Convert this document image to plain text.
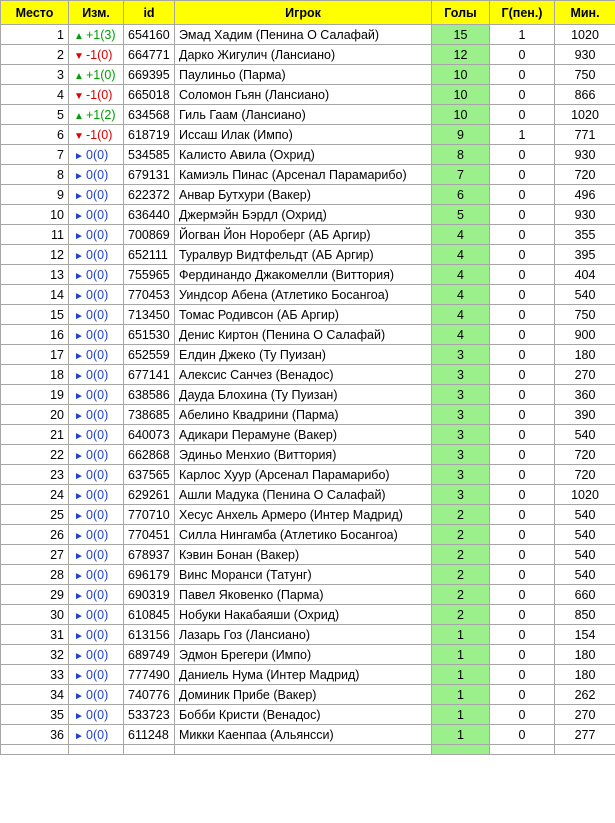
Место	Изм.	id	Игрок	Голы	Г(пен.)	Мин.
1	▲ +1(3)	654160	Эмад Хадим (Пенина О Салафай)	15	1	1020
2	▼ -1(0)	664771	Дарко Жигулич (Лансиано)	12	0	930
3	▲ +1(0)	669395	Паулиньо (Парма)	10	0	750
4	▼ -1(0)	665018	Соломон Гьян (Лансиано)	10	0	866
5	▲ +1(2)	634568	Гиль Гаам (Лансиано)	10	0	1020
6	▼ -1(0)	618719	Иссаш Илак (Импо)	9	1	771
7	► 0(0)	534585	Калисто Авила (Охрид)	8	0	930
8	► 0(0)	679131	Камиэль Пинас (Арсенал Парамарибо)	7	0	720
9	► 0(0)	622372	Анвар Бутхури (Вакер)	6	0	496
10	► 0(0)	636440	Джермэйн Бэрдл (Охрид)	5	0	930
11	► 0(0)	700869	Йогван Йон Нороберг (АБ Аргир)	4	0	355
12	► 0(0)	652111	Туралвур Видтфельдт (АБ Аргир)	4	0	395
13	► 0(0)	755965	Фердинандо Джакомелли (Виттория)	4	0	404
14	► 0(0)	770453	Уиндсор Абена (Атлетико Босангоа)	4	0	540
15	► 0(0)	713450	Томас Родивсон (АБ Аргир)	4	0	750
16	► 0(0)	651530	Денис Киртон (Пенина О Салафай)	4	0	900
17	► 0(0)	652559	Елдин Джеко (Ту Пуизан)	3	0	180
18	► 0(0)	677141	Алексис Санчез (Венадос)	3	0	270
19	► 0(0)	638586	Дауда Блохина (Ту Пуизан)	3	0	360
20	► 0(0)	738685	Абелино Квадрини (Парма)	3	0	390
21	► 0(0)	640073	Адикари Перамуне (Вакер)	3	0	540
22	► 0(0)	662868	Эдиньо Менхио (Виттория)	3	0	720
23	► 0(0)	637565	Карлос Хуур (Арсенал Парамарибо)	3	0	720
24	► 0(0)	629261	Ашли Мадука (Пенина О Салафай)	3	0	1020
25	► 0(0)	770710	Хесус Анхель Армеро (Интер Мадрид)	2	0	540
26	► 0(0)	770451	Силла Нингамба (Атлетико Босангоа)	2	0	540
27	► 0(0)	678937	Кэвин Бонан (Вакер)	2	0	540
28	► 0(0)	696179	Винс Моранси (Татунг)	2	0	540
29	► 0(0)	690319	Павел Яковенко (Парма)	2	0	660
30	► 0(0)	610845	Нобуки Накабаяши (Охрид)	2	0	850
31	► 0(0)	613156	Лазарь Гоз (Лансиано)	1	0	154
32	► 0(0)	689749	Эдмон Брегери (Импо)	1	0	180
33	► 0(0)	777490	Даниель Нума (Интер Мадрид)	1	0	180
34	► 0(0)	740776	Доминик Прибе (Вакер)	1	0	262
35	► 0(0)	533723	Бобби Кристи (Венадос)	1	0	270
36	► 0(0)	611248	Микки Каенпаа (Альянсси)	1	0	277
